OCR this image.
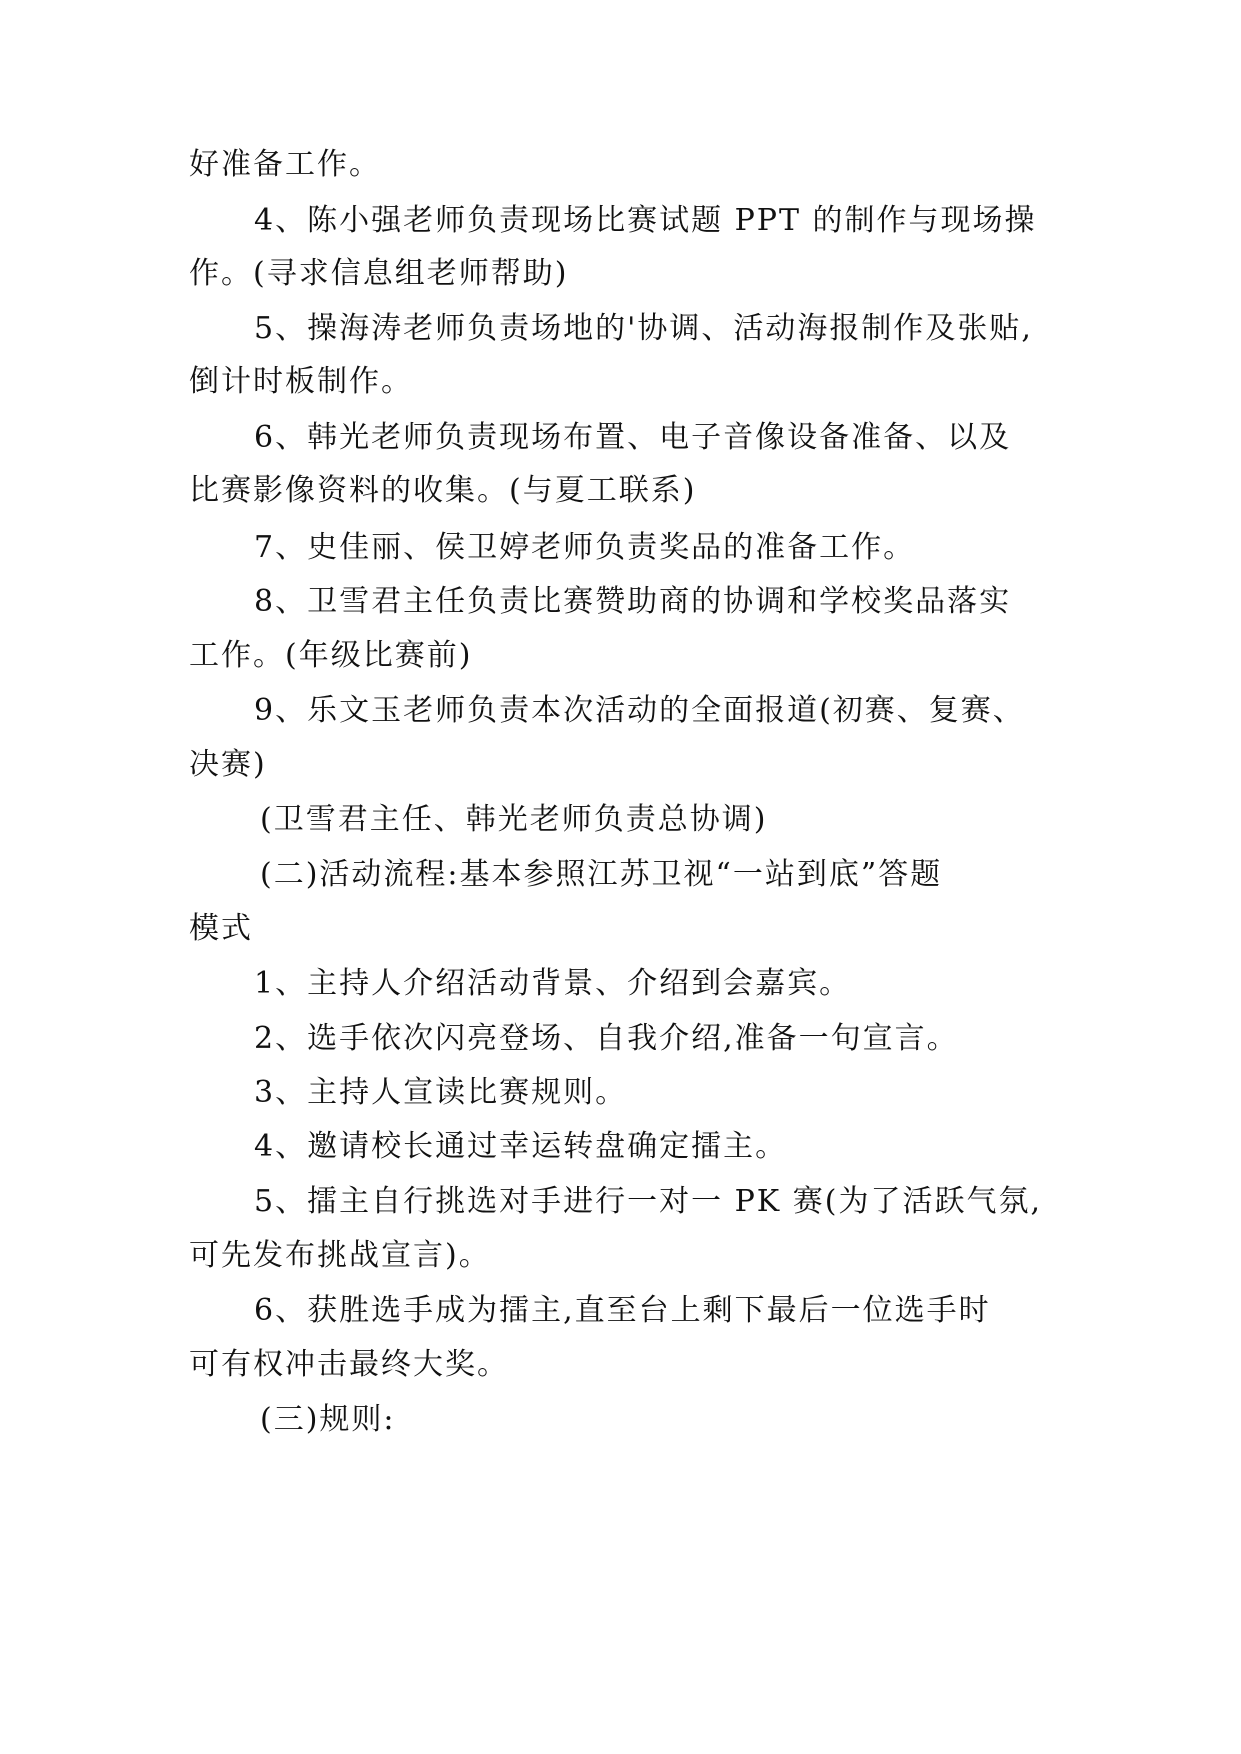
好准备工作。
4、陈小强老师负责现场比赛试题 PPT 的制作与现场操
作。(寻求信息组老师帮助)
5、操海涛老师负责场地的'协调、活动海报制作及张贴,
倒计时板制作。
6、韩光老师负责现场布置、电子音像设备准备、以及
比赛影像资料的收集。(与夏工联系)
7、史佳丽、侯卫婷老师负责奖品的准备工作。
8、卫雪君主任负责比赛赞助商的协调和学校奖品落实
工作。(年级比赛前)
9、乐文玉老师负责本次活动的全面报道(初赛、复赛、
决赛)
(卫雪君主任、韩光老师负责总协调)
(二)活动流程:基本参照江苏卫视“一站到底”答题
模式
1、主持人介绍活动背景、介绍到会嘉宾。
2、选手依次闪亮登场、自我介绍,准备一句宣言。
3、主持人宣读比赛规则。
4、邀请校长通过幸运转盘确定擂主。
5、擂主自行挑选对手进行一对一 PK 赛(为了活跃气氛,
可先发布挑战宣言)。
6、获胜选手成为擂主,直至台上剩下最后一位选手时
可有权冲击最终大奖。
(三)规则:
